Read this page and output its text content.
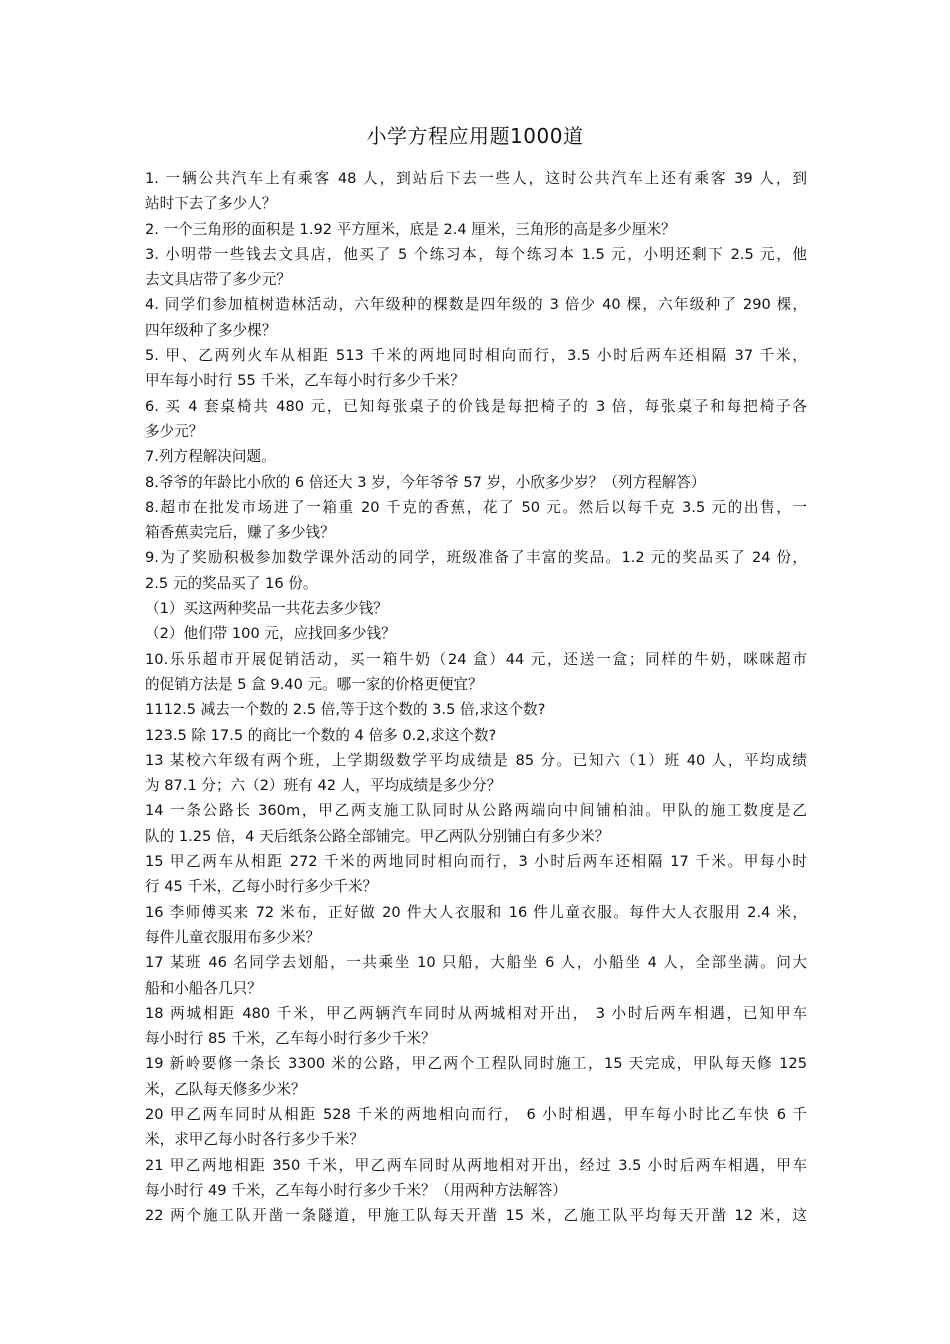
小学方程应用题1000道
1. 一辆公共汽车上有乘客 48 人，到站后下去一些人，这时公共汽车上还有乘客 39 人，到
站时下去了多少人？
2. 一个三角形的面积是 1.92 平方厘米，底是 2.4 厘米，三角形的高是多少厘米？
3. 小明带一些钱去文具店，他买了 5 个练习本，每个练习本 1.5 元，小明还剩下 2.5 元，他
去文具店带了多少元？
4. 同学们参加植树造林活动，六年级种的棵数是四年级的 3 倍少 40 棵，六年级种了 290 棵，
四年级种了多少棵？
5. 甲、乙两列火车从相距 513 千米的两地同时相向而行，3.5 小时后两车还相隔 37 千米，
甲车每小时行 55 千米，乙车每小时行多少千米？
6. 买 4 套桌椅共 480 元，已知每张桌子的价钱是每把椅子的 3 倍，每张桌子和每把椅子各
多少元？
7.列方程解决问题。
8.爷爷的年龄比小欣的 6 倍还大 3 岁，今年爷爷 57 岁，小欣多少岁？（列方程解答）
8.超市在批发市场进了一箱重 20 千克的香蕉，花了 50 元。然后以每千克 3.5 元的出售，一
箱香蕉卖完后，赚了多少钱？
9.为了奖励积极参加数学课外活动的同学，班级准备了丰富的奖品。1.2 元的奖品买了 24 份，
2.5 元的奖品买了 16 份。
（1）买这两种奖品一共花去多少钱？
（2）他们带 100 元，应找回多少钱？
10.乐乐超市开展促销活动，买一箱牛奶（24 盒）44 元，还送一盒；同样的牛奶，咪咪超市
的促销方法是 5 盒 9.40 元。哪一家的价格更便宜？
1112.5 减去一个数的 2.5 倍,等于这个数的 3.5 倍,求这个数?
123.5 除 17.5 的商比一个数的 4 倍多 0.2,求这个数?
13 某校六年级有两个班，上学期级数学平均成绩是 85 分。已知六（1）班 40 人，平均成绩
为 87.1 分；六（2）班有 42 人，平均成绩是多少分？
14 一条公路长 360m，甲乙两支施工队同时从公路两端向中间铺柏油。甲队的施工数度是乙
队的 1.25 倍，4 天后纸条公路全部铺完。甲乙两队分别铺白有多少米？
15 甲乙两车从相距 272 千米的两地同时相向而行，3 小时后两车还相隔 17 千米。甲每小时
行 45 千米，乙每小时行多少千米？
16 李师傅买来 72 米布，正好做 20 件大人衣服和 16 件儿童衣服。每件大人衣服用 2.4 米，
每件儿童衣服用布多少米？
17 某班 46 名同学去划船，一共乘坐 10 只船，大船坐 6 人，小船坐 4 人，全部坐满。问大
船和小船各几只？
18 两城相距 480 千米，甲乙两辆汽车同时从两城相对开出， 3 小时后两车相遇，已知甲车
每小时行 85 千米，乙车每小时行多少千米？
19 新岭要修一条长 3300 米的公路，甲乙两个工程队同时施工，15 天完成，甲队每天修 125
米，乙队每天修多少米？
20 甲乙两车同时从相距 528 千米的两地相向而行， 6 小时相遇，甲车每小时比乙车快 6 千
米，求甲乙每小时各行多少千米？
21 甲乙两地相距 350 千米，甲乙两车同时从两地相对开出，经过 3.5 小时后两车相遇，甲车
每小时行 49 千米，乙车每小时行多少千米？（用两种方法解答）
22 两个施工队开凿一条隧道，甲施工队每天开凿 15 米，乙施工队平均每天开凿 12 米，这
